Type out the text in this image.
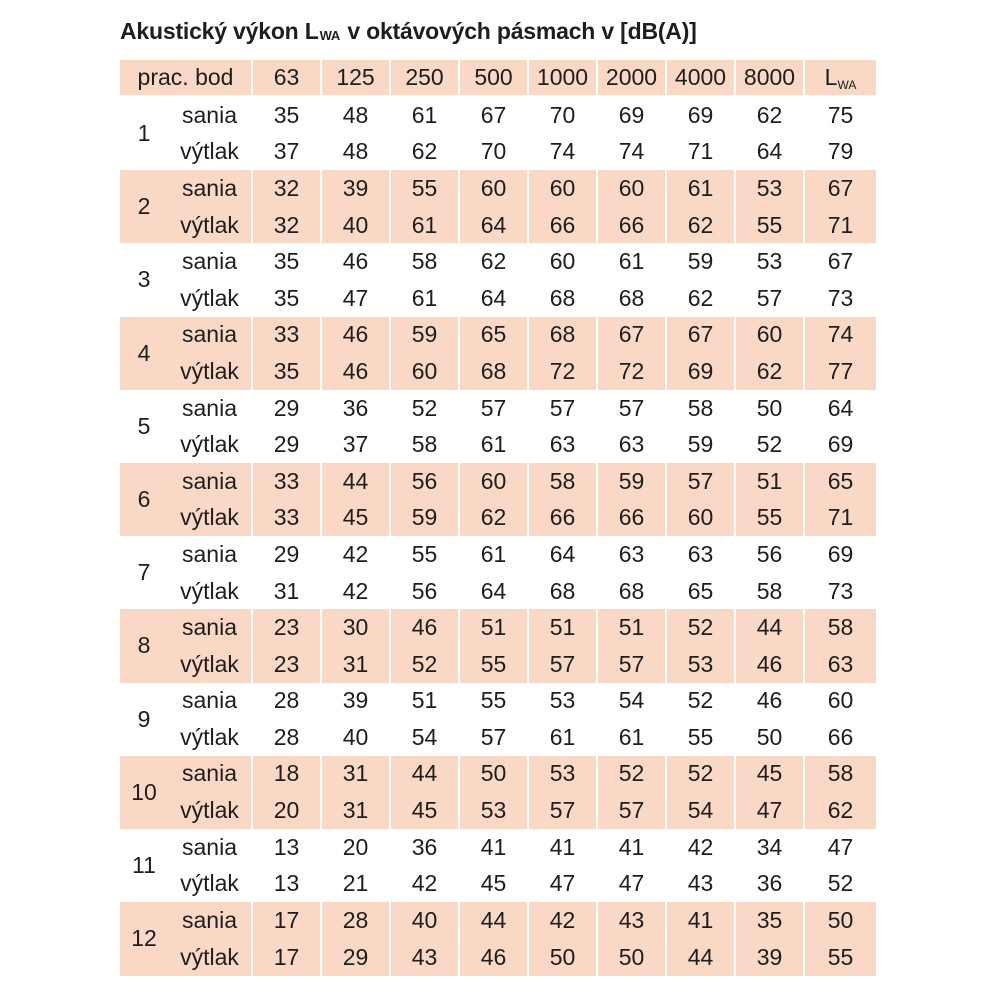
Akustický výkon LWA v oktávových pásmach v [dB(A)]
prac. bod		63	125	250	500	1000	2000	4000	8000	LWA
1	sania	35	48	61	67	70	69	69	62	75
	výtlak	37	48	62	70	74	74	71	64	79
2	sania	32	39	55	60	60	60	61	53	67
	výtlak	32	40	61	64	66	66	62	55	71
3	sania	35	46	58	62	60	61	59	53	67
	výtlak	35	47	61	64	68	68	62	57	73
4	sania	33	46	59	65	68	67	67	60	74
	výtlak	35	46	60	68	72	72	69	62	77
5	sania	29	36	52	57	57	57	58	50	64
	výtlak	29	37	58	61	63	63	59	52	69
6	sania	33	44	56	60	58	59	57	51	65
	výtlak	33	45	59	62	66	66	60	55	71
7	sania	29	42	55	61	64	63	63	56	69
	výtlak	31	42	56	64	68	68	65	58	73
8	sania	23	30	46	51	51	51	52	44	58
	výtlak	23	31	52	55	57	57	53	46	63
9	sania	28	39	51	55	53	54	52	46	60
	výtlak	28	40	54	57	61	61	55	50	66
10	sania	18	31	44	50	53	52	52	45	58
	výtlak	20	31	45	53	57	57	54	47	62
11	sania	13	20	36	41	41	41	42	34	47
	výtlak	13	21	42	45	47	47	43	36	52
12	sania	17	28	40	44	42	43	41	35	50
	výtlak	17	29	43	46	50	50	44	39	55
